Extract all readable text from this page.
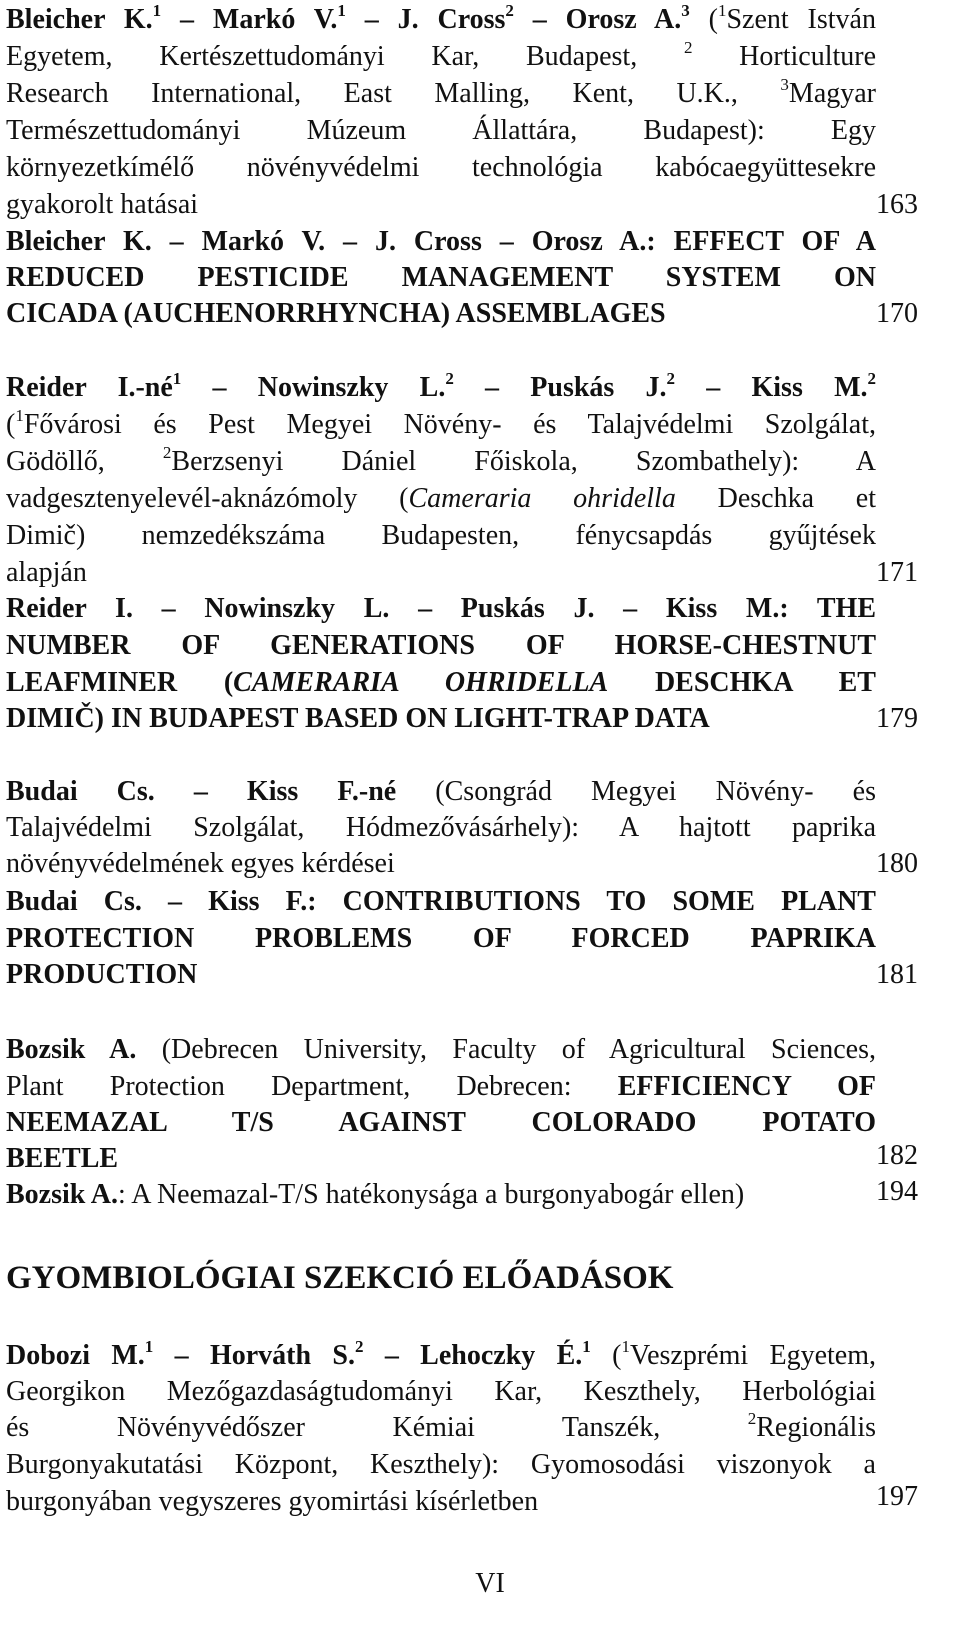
Bleicher K.$^1$ – Markó V.$^1$ – J. Cross$^2$ – Orosz A.$^3$ ($^1$Szent István
Egyetem, Kertészettudományi Kar, Budapest, $^2$ Horticulture
Research International, East Malling, Kent, U.K., $^3$Magyar
Természettudományi Múzeum Állattára, Budapest): Egy
környezetkímélő növényvédelmi technológia kabócaegyüttesekre
gyakorolt hatásai	163
Bleicher K. – Markó V. – J. Cross – Orosz A.: EFFECT OF A
REDUCED PESTICIDE MANAGEMENT SYSTEM ON
CICADA (AUCHENORRHYNCHA) ASSEMBLAGES	170
Reider $I.-né^1$ – Nowinszky L.$^2$ – Puskás J.$^2$ – Kiss M.$^2$
($^1$Fővárosi és Pest Megyei Növény- és Talajvédelmi Szolgálat,
Gödöllő, $^2$Berzsenyi Dániel Főiskola, Szombathely): A
vadgesztenyelevél-aknázómoly (Cameraria ohridella Deschka et
Dimič) nemzedékszáma Budapesten, fénycsapdás gyűjtések
alapján	171
Reider I. – Nowinszky L. – Puskás J. – Kiss M.: THE
NUMBER OF GENERATIONS OF HORSE-CHESTNUT
LEAFMINER (CAMERARIA OHRIDELLA DESCHKA ET
DIMIČ) IN BUDAPEST BASED ON LIGHT-TRAP DATA	179
Budai Cs. – Kiss F.-né (Csongrád Megyei Növény- és
Talajvédelmi Szolgálat, Hódmezővásárhely): A hajtott paprika
növényvédelmének egyes kérdései	180
Budai Cs. – Kiss F.: CONTRIBUTIONS TO SOME PLANT
PROTECTION PROBLEMS OF FORCED PAPRIKA
PRODUCTION	181
Bozsik A. (Debrecen University, Faculty of Agricultural Sciences,
Plant Protection Department, Debrecen: EFFICIENCY OF
NEEMAZAL T/S AGAINST COLORADO POTATO
BEETLE	182
Bozsik A.: A Neemazal-T/S hatékonysága a burgonyabogár ellen)	194
GYOMBIOLÓGIAI SZEKCIÓ ELŐADÁSOK
Dobozi M.$^1$ – Horváth S.$^2$ – Lehoczky É.$^1$ ($^1$Veszprémi Egyetem,
Georgikon Mezőgazdaságtudományi Kar, Keszthely, Herbológiai
és Növényvédőszer Kémiai Tanszék, $^2$Regionális
Burgonyakutatási Központ, Keszthely): Gyomosodási viszonyok a
burgonyában vegyszeres gyomirtási kísérletben	197
VI
